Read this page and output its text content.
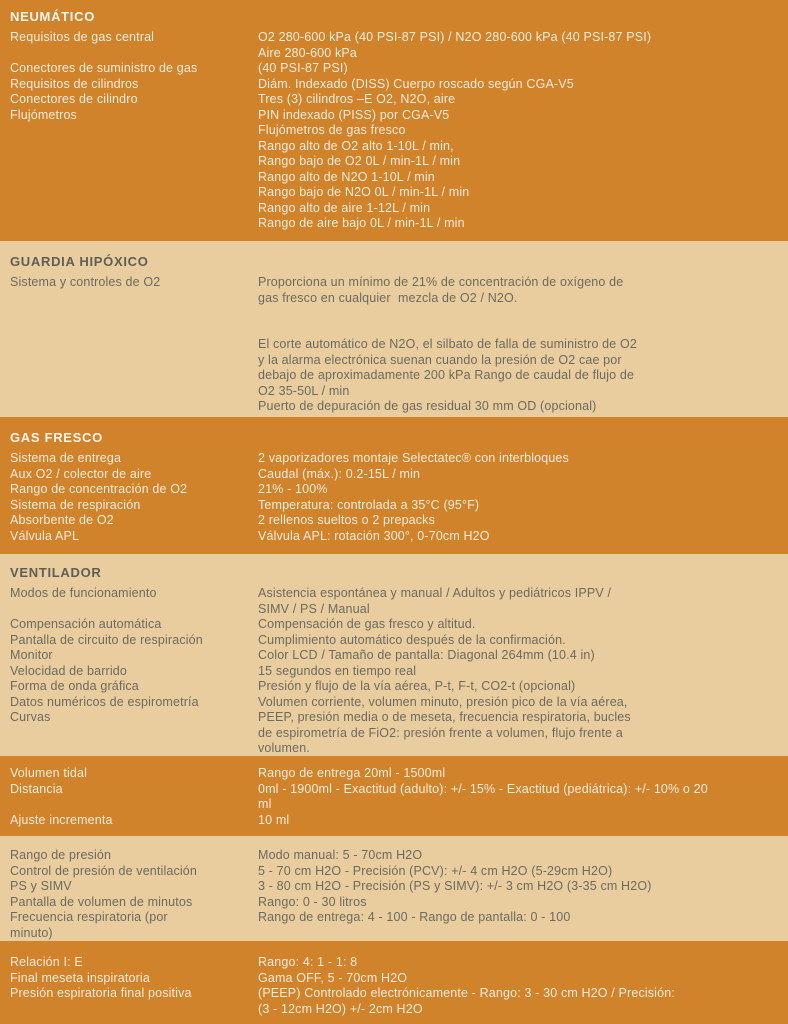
NEUMÁTICO
Requisitos de gas central

Conectores de suministro de gas
Requisitos de cilindros
Conectores de cilindro
Flujómetros
O2 280-600 kPa (40 PSI-87 PSI) / N2O 280-600 kPa (40 PSI-87 PSI)
Aire 280-600 kPa
(40 PSI-87 PSI)
Diám. Indexado (DISS) Cuerpo roscado según CGA-V5
Tres (3) cilindros –E O2, N2O, aire
PIN indexado (PISS) por CGA-V5
Flujómetros de gas fresco
Rango alto de O2 alto 1-10L / min,
Rango bajo de O2 0L / min-1L / min
Rango alto de N2O 1-10L / min
Rango bajo de N2O 0L / min-1L / min
Rango alto de aire 1-12L / min
Rango de aire bajo 0L / min-1L / min
GUARDIA HIPÓXICO
Sistema y controles de O2	Proporciona un mínimo de 21% de concentración de oxígeno de
gas fresco en cualquier  mezcla de O2 / N2O.

El corte automático de N2O, el silbato de falla de suministro de O2
y la alarma electrónica suenan cuando la presión de O2 cae por
debajo de aproximadamente 200 kPa Rango de caudal de flujo de
O2 35-50L / min
Puerto de depuración de gas residual 30 mm OD (opcional)
GAS FRESCO
Sistema de entrega
Aux O2 / colector de aire
Rango de concentración de O2
Sistema de respiración
Absorbente de O2
Válvula APL
2 vaporizadores montaje Selectatec® con interbloques
Caudal (máx.): 0.2-15L / min
21% - 100%
Temperatura: controlada a 35°C (95°F)
2 rellenos sueltos o 2 prepacks
Válvula APL: rotación 300°, 0-70cm H2O
VENTILADOR
Modos de funcionamiento

Compensación automática
Pantalla de circuito de respiración
Monitor
Velocidad de barrido
Forma de onda gráfica
Datos numéricos de espirometría
Curvas
Asistencia espontánea y manual / Adultos y pediátricos IPPV /
SIMV / PS / Manual
Compensación de gas fresco y altitud.
Cumplimiento automático después de la confirmación.
Color LCD / Tamaño de pantalla: Diagonal 264mm (10.4 in)
15 segundos en tiempo real
Presión y flujo de la vía aérea, P-t, F-t, CO2-t (opcional)
Volumen corriente, volumen minuto, presión pico de la vía aérea,
PEEP, presión media o de meseta, frecuencia respiratoria, bucles
de espirometría de FiO2: presión frente a volumen, flujo frente a
volumen.
Volumen tidal
Distancia

Ajuste incrementa
Rango de entrega 20ml - 1500ml
0ml - 1900ml - Exactitud (adulto): +/- 15% - Exactitud (pediátrica): +/- 10% o 20
ml
10 ml
Rango de presión
Control de presión de ventilación
PS y SIMV
Pantalla de volumen de minutos
Frecuencia respiratoria (por
minuto)
Modo manual: 5 - 70cm H2O
5 - 70 cm H2O - Precisión (PCV): +/- 4 cm H2O (5-29cm H2O)
3 - 80 cm H2O - Precisión (PS y SIMV): +/- 3 cm H2O (3-35 cm H2O)
Rango: 0 - 30 litros
Rango de entrega: 4 - 100 - Rango de pantalla: 0 - 100
Relación I: E
Final meseta inspiratoria
Presión espiratoria final positiva
Rango: 4: 1 - 1: 8
Gama OFF, 5 - 70cm H2O
(PEEP) Controlado electrónicamente - Rango: 3 - 30 cm H2O / Precisión:
(3 - 12cm H2O) +/- 2cm H2O
